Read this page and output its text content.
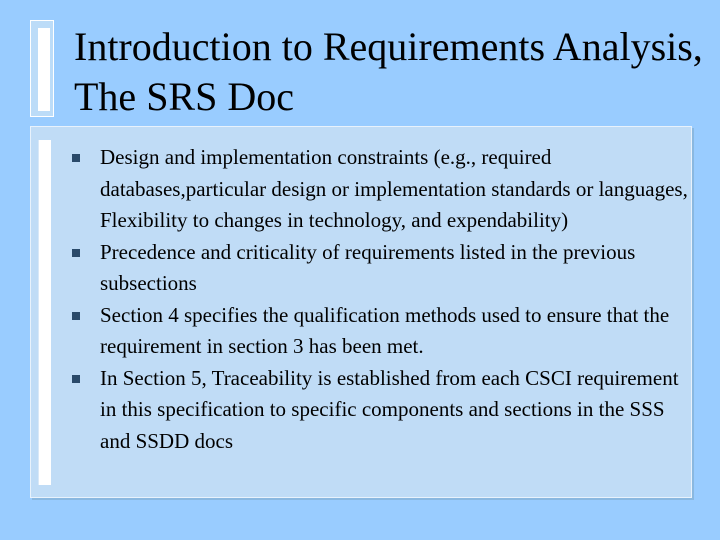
Introduction to Requirements Analysis, The SRS Doc
Design and implementation constraints (e.g., required databases,particular design or implementation standards or languages, Flexibility to changes in technology, and expendability)
Precedence and criticality of requirements listed in the previous subsections
Section 4 specifies the qualification methods used to ensure that the requirement in section 3 has been met.
In Section 5, Traceability is established from each CSCI requirement in this specification to specific components and sections in the SSS and SSDD docs
